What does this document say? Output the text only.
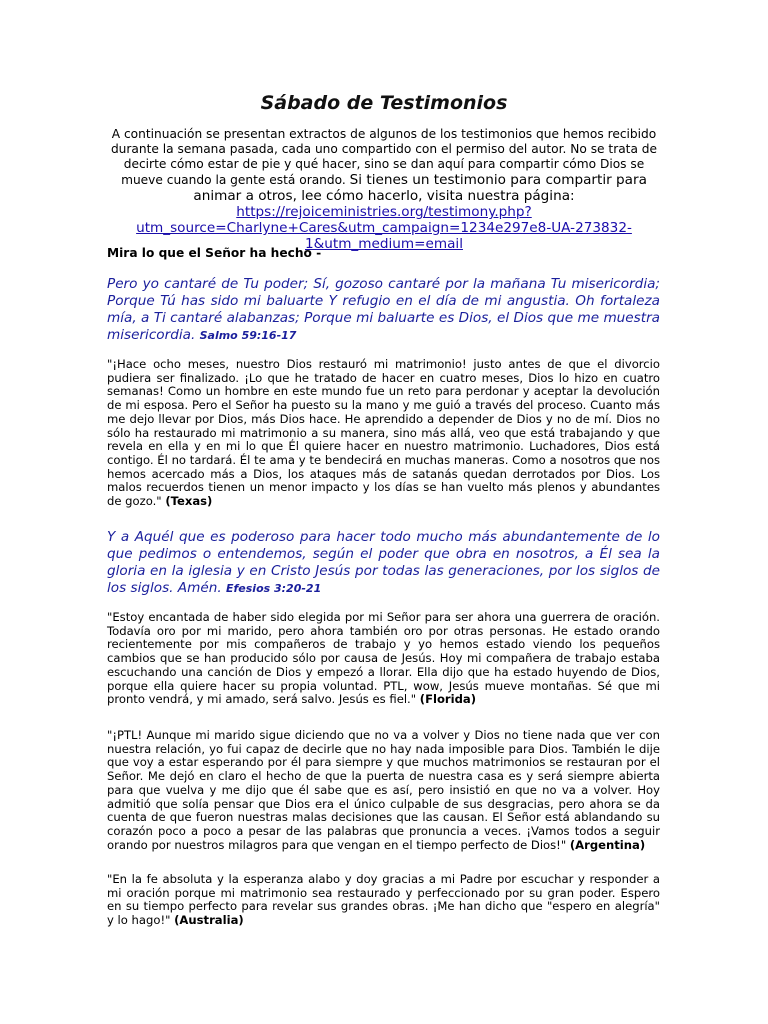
Sábado de Testimonios
A continuación se presentan extractos de algunos de los testimonios que hemos recibido durante la semana pasada, cada uno compartido con el permiso del autor. No se trata de decirte cómo estar de pie y qué hacer, sino se dan aquí para compartir cómo Dios se mueve cuando la gente está orando. Si tienes un testimonio para compartir para animar a otros, lee cómo hacerlo, visita nuestra página: https://rejoiceministries.org/testimony.php?utm_source=Charlyne+Cares&utm_campaign=1234e297e8-UA-273832-1&utm_medium=email
Mira lo que el Señor ha hecho -
Pero yo cantaré de Tu poder; Sí, gozoso cantaré por la mañana Tu misericordia; Porque Tú has sido mi baluarte Y refugio en el día de mi angustia. Oh fortaleza mía, a Ti cantaré alabanzas; Porque mi baluarte es Dios, el Dios que me muestra misericordia. Salmo 59:16-17
"¡Hace ocho meses, nuestro Dios restauró mi matrimonio! justo antes de que el divorcio pudiera ser finalizado. ¡Lo que he tratado de hacer en cuatro meses, Dios lo hizo en cuatro semanas! Como un hombre en este mundo fue un reto para perdonar y aceptar la devolución de mi esposa. Pero el Señor ha puesto su la mano y me guió a través del proceso. Cuanto más me dejo llevar por Dios, más Dios hace. He aprendido a depender de Dios y no de mí. Dios no sólo ha restaurado mi matrimonio a su manera, sino más allá, veo que está trabajando y que revela en ella y en mi lo que Él quiere hacer en nuestro matrimonio. Luchadores, Dios está contigo. Él no tardará. Él te ama y te bendecirá en muchas maneras. Como a nosotros que nos hemos acercado más a Dios, los ataques más de satanás quedan derrotados por Dios. Los malos recuerdos tienen un menor impacto y los días se han vuelto más plenos y abundantes de gozo." (Texas)
Y a Aquél que es poderoso para hacer todo mucho más abundantemente de lo que pedimos o entendemos, según el poder que obra en nosotros, a Él sea la gloria en la iglesia y en Cristo Jesús por todas las generaciones, por los siglos de los siglos. Amén. Efesios 3:20-21
"Estoy encantada de haber sido elegida por mi Señor para ser ahora una guerrera de oración. Todavía oro por mi marido, pero ahora también oro por otras personas. He estado orando recientemente por mis compañeros de trabajo y yo hemos estado viendo los pequeños cambios que se han producido sólo por causa de Jesús. Hoy mi compañera de trabajo estaba escuchando una canción de Dios y empezó a llorar. Ella dijo que ha estado huyendo de Dios, porque ella quiere hacer su propia voluntad. PTL, wow, Jesús mueve montañas. Sé que mi pronto vendrá, y mi amado, será salvo. Jesús es fiel." (Florida)
"¡PTL! Aunque mi marido sigue diciendo que no va a volver y Dios no tiene nada que ver con nuestra relación, yo fui capaz de decirle que no hay nada imposible para Dios. También le dije que voy a estar esperando por él para siempre y que muchos matrimonios se restauran por el Señor. Me dejó en claro el hecho de que la puerta de nuestra casa es y será siempre abierta para que vuelva y me dijo que él sabe que es así, pero insistió en que no va a volver. Hoy admitió que solía pensar que Dios era el único culpable de sus desgracias, pero ahora se da cuenta de que fueron nuestras malas decisiones que las causan. El Señor está ablandando su corazón poco a poco a pesar de las palabras que pronuncia a veces. ¡Vamos todos a seguir orando por nuestros milagros para que vengan en el tiempo perfecto de Dios!" (Argentina)
"En la fe absoluta y la esperanza alabo y doy gracias a mi Padre por escuchar y responder a mi oración porque mi matrimonio sea restaurado y perfeccionado por su gran poder. Espero en su tiempo perfecto para revelar sus grandes obras. ¡Me han dicho que "espero en alegría" y lo hago!" (Australia)
